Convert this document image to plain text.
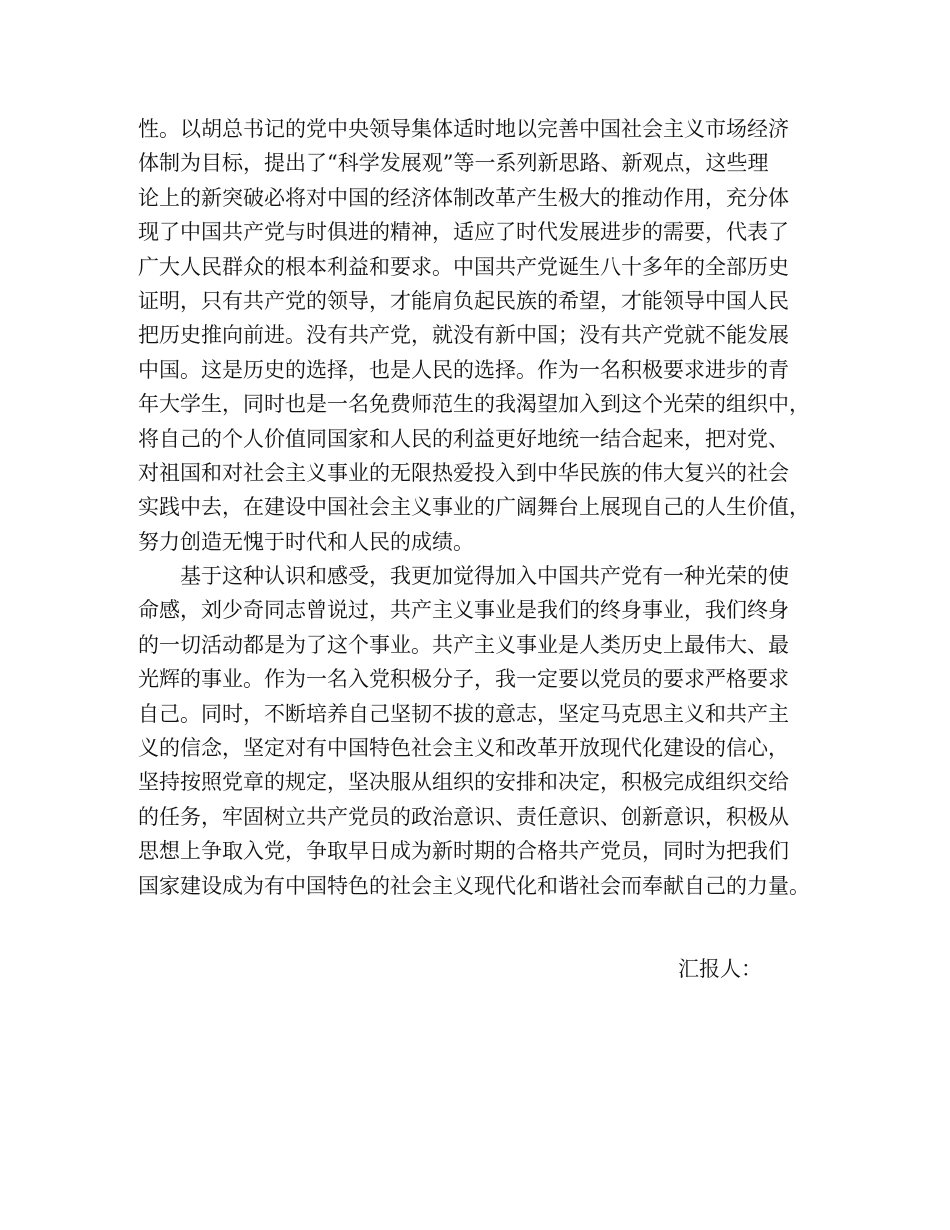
性。以胡总书记的党中央领导集体适时地以完善中国社会主义市场经济
体制为目标，提出了“科学发展观”等一系列新思路、新观点，这些理
论上的新突破必将对中国的经济体制改革产生极大的推动作用，充分体
现了中国共产党与时俱进的精神，适应了时代发展进步的需要，代表了
广大人民群众的根本利益和要求。中国共产党诞生八十多年的全部历史
证明，只有共产党的领导，才能肩负起民族的希望，才能领导中国人民
把历史推向前进。没有共产党，就没有新中国；没有共产党就不能发展
中国。这是历史的选择，也是人民的选择。作为一名积极要求进步的青
年大学生，同时也是一名免费师范生的我渴望加入到这个光荣的组织中，
将自己的个人价值同国家和人民的利益更好地统一结合起来，把对党、
对祖国和对社会主义事业的无限热爱投入到中华民族的伟大复兴的社会
实践中去，在建设中国社会主义事业的广阔舞台上展现自己的人生价值，
努力创造无愧于时代和人民的成绩。
基于这种认识和感受，我更加觉得加入中国共产党有一种光荣的使
命感，刘少奇同志曾说过，共产主义事业是我们的终身事业，我们终身
的一切活动都是为了这个事业。共产主义事业是人类历史上最伟大、最
光辉的事业。作为一名入党积极分子，我一定要以党员的要求严格要求
自己。同时，不断培养自己坚韧不拔的意志，坚定马克思主义和共产主
义的信念，坚定对有中国特色社会主义和改革开放现代化建设的信心，
坚持按照党章的规定，坚决服从组织的安排和决定，积极完成组织交给
的任务，牢固树立共产党员的政治意识、责任意识、创新意识，积极从
思想上争取入党，争取早日成为新时期的合格共产党员，同时为把我们
国家建设成为有中国特色的社会主义现代化和谐社会而奉献自己的力量。
汇报人：
